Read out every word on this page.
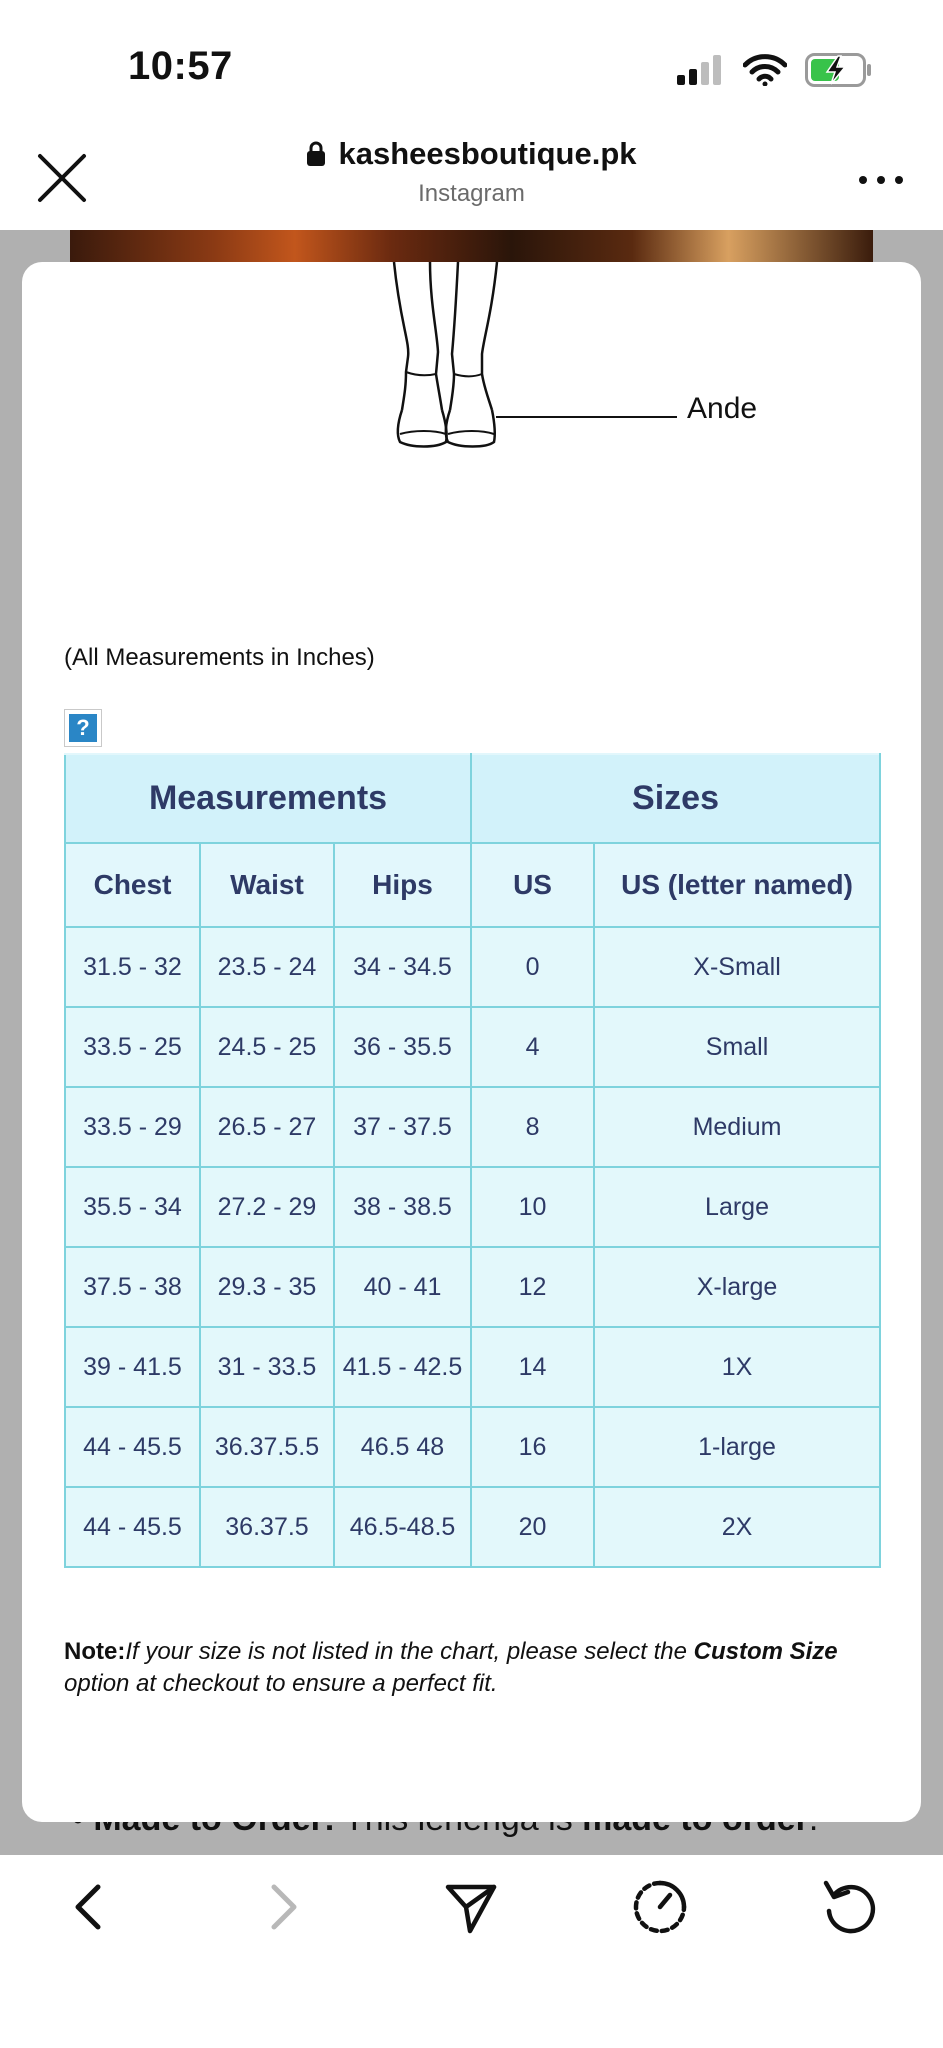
10:57
kasheesboutique.pk
Instagram
Ande
(All Measurements in Inches)
?
Measurements			Sizes	
Chest	Waist	Hips	US	US (letter named)
31.5 - 32	23.5 - 24	34 - 34.5	0	X-Small
33.5 - 25	24.5 - 25	36 - 35.5	4	Small
33.5 - 29	26.5 - 27	37 - 37.5	8	Medium
35.5 - 34	27.2 - 29	38 - 38.5	10	Large
37.5 - 38	29.3 - 35	40 - 41	12	X-large
39 - 41.5	31 - 33.5	41.5 - 42.5	14	1X
44 - 45.5	36.37.5.5	46.5 48	16	1-large
44 - 45.5	36.37.5	46.5-48.5	20	2X
Note:If your size is not listed in the chart, please select the Custom Size option at checkout to ensure a perfect fit.
